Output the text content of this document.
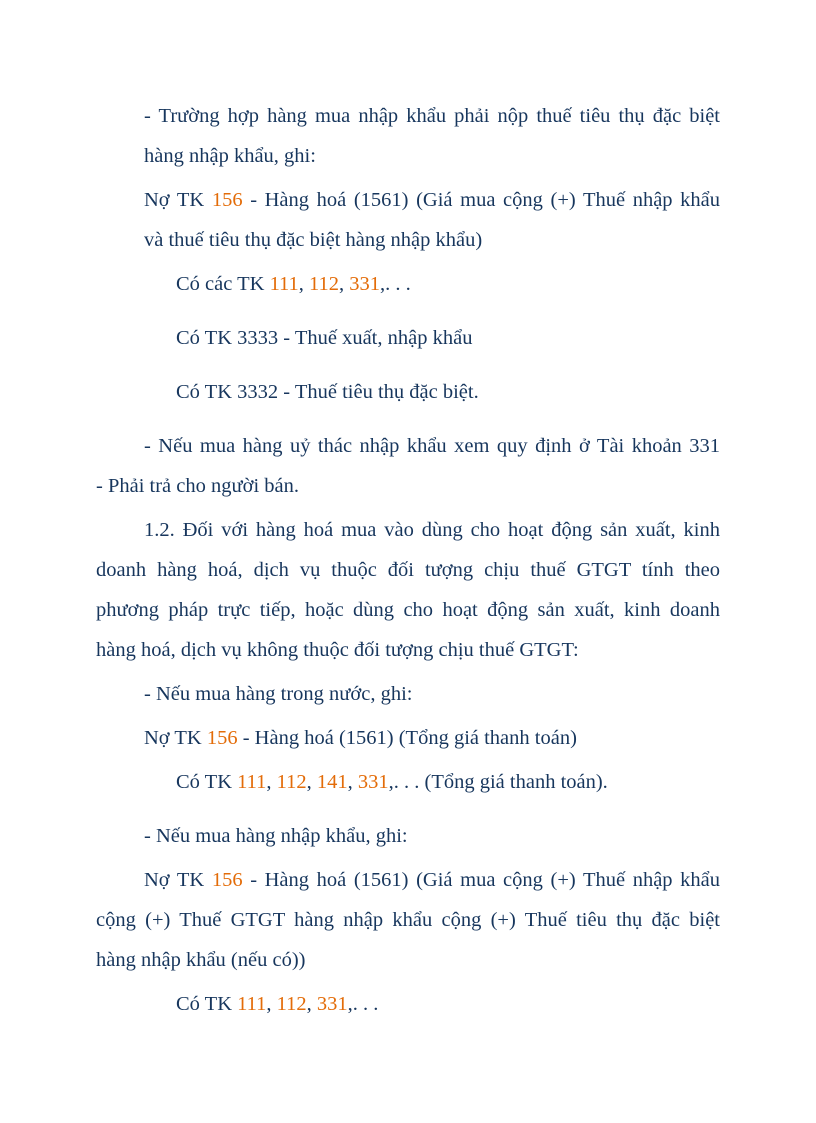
- Trường hợp hàng mua nhập khẩu phải nộp thuế tiêu thụ đặc biệt
hàng nhập khẩu, ghi:
Nợ TK 156 - Hàng hoá (1561) (Giá mua cộng (+) Thuế nhập khẩu
và thuế tiêu thụ đặc biệt hàng nhập khẩu)
Có các TK 111, 112, 331,. . .
Có TK 3333 - Thuế xuất, nhập khẩu
Có TK 3332 - Thuế tiêu thụ đặc biệt.
- Nếu mua hàng uỷ thác nhập khẩu xem quy định ở Tài khoản 331
- Phải trả cho người bán.
1.2. Đối với hàng hoá mua vào dùng cho hoạt động sản xuất, kinh
doanh hàng hoá, dịch vụ thuộc đối tượng chịu thuế GTGT tính theo
phương pháp trực tiếp, hoặc dùng cho hoạt động sản xuất, kinh doanh
hàng hoá, dịch vụ không thuộc đối tượng chịu thuế GTGT:
- Nếu mua hàng trong nước, ghi:
Nợ TK 156 - Hàng hoá (1561) (Tổng giá thanh toán)
Có TK 111, 112, 141, 331,. . . (Tổng giá thanh toán).
- Nếu mua hàng nhập khẩu, ghi:
Nợ TK 156 - Hàng hoá (1561) (Giá mua cộng (+) Thuế nhập khẩu
cộng (+) Thuế GTGT hàng nhập khẩu cộng (+) Thuế tiêu thụ đặc biệt
hàng nhập khẩu (nếu có))
Có TK 111, 112, 331,. . .
